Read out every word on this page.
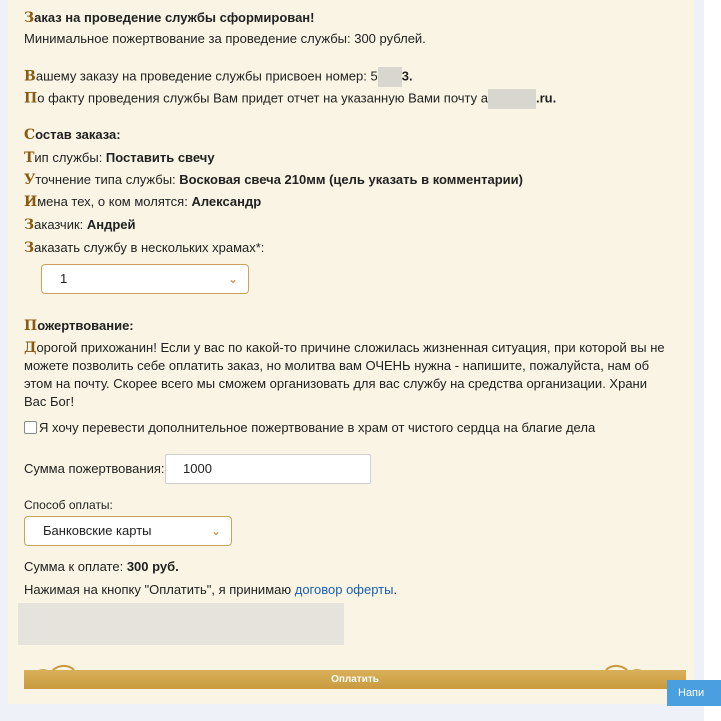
Заказ на проведение службы сформирован!
Минимальное пожертвование за проведение службы: 300 рублей.
Вашему заказу на проведение службы присвоен номер: 5 3.
По факту проведения службы Вам придет отчет на указанную Вами почту a	.ru.
Состав заказа:
Тип службы: Поставить свечу
Уточнение типа службы: Восковая свеча 210мм (цель указать в комментарии)
Имена тех, о ком молятся: Александр
Заказчик: Андрей
Заказать службу в нескольких храмах*:
1	⌄
Пожертвование:
Дорогой прихожанин! Если у вас по какой-то причине сложилась жизненная ситуация, при которой вы не можете позволить себе оплатить заказ, но молитва вам ОЧЕНЬ нужна - напишите, пожалуйста, нам об этом на почту. Скорее всего мы сможем организовать для вас службу на средства организации. Храни Вас Бог!
Я хочу перевести дополнительное пожертвование в храм от чистого сердца на благие дела
Сумма пожертвования:	1000
Способ оплаты:
Банковские карты	⌄
Сумма к оплате: 300 руб.
Нажимая на кнопку "Оплатить", я принимаю договор оферты.
Оплатить
Напи
